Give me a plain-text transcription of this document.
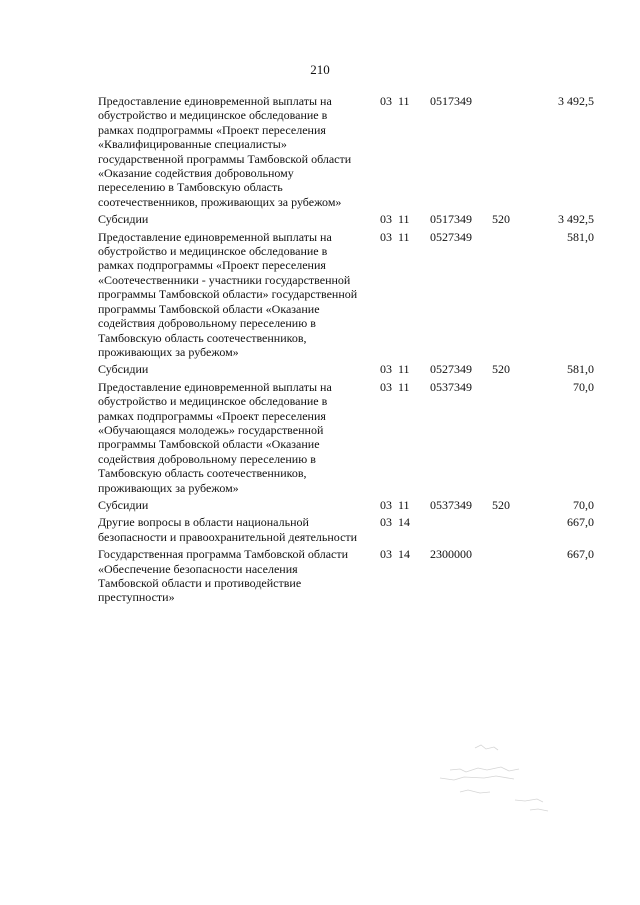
210
Предоставление единовременной выплаты на обустройство и медицинское обследование в рамках подпрограммы «Проект переселения «Квалифицированные специалисты» государственной программы Тамбовской области «Оказание содействия добровольному переселению в Тамбовскую область соотечественников, проживающих за рубежом»	03 11	0517349		3 492,5
Субсидии	03 11	0517349	520	3 492,5
Предоставление единовременной выплаты на обустройство и медицинское обследование в рамках подпрограммы «Проект переселения «Соотечественники - участники государственной программы Тамбовской области» государственной программы Тамбовской области «Оказание содействия добровольному переселению в Тамбовскую область соотечественников, проживающих за рубежом»	03 11	0527349		581,0
Субсидии	03 11	0527349	520	581,0
Предоставление единовременной выплаты на обустройство и медицинское обследование в рамках подпрограммы «Проект переселения «Обучающаяся молодежь» государственной программы Тамбовской области «Оказание содействия добровольному переселению в Тамбовскую область соотечественников, проживающих за рубежом»	03 11	0537349		70,0
Субсидии	03 11	0537349	520	70,0
Другие вопросы в области национальной безопасности и правоохранительной деятельности	03 14			667,0
Государственная программа Тамбовской области «Обеспечение безопасности населения Тамбовской области и противодействие преступности»	03 14	2300000		667,0
